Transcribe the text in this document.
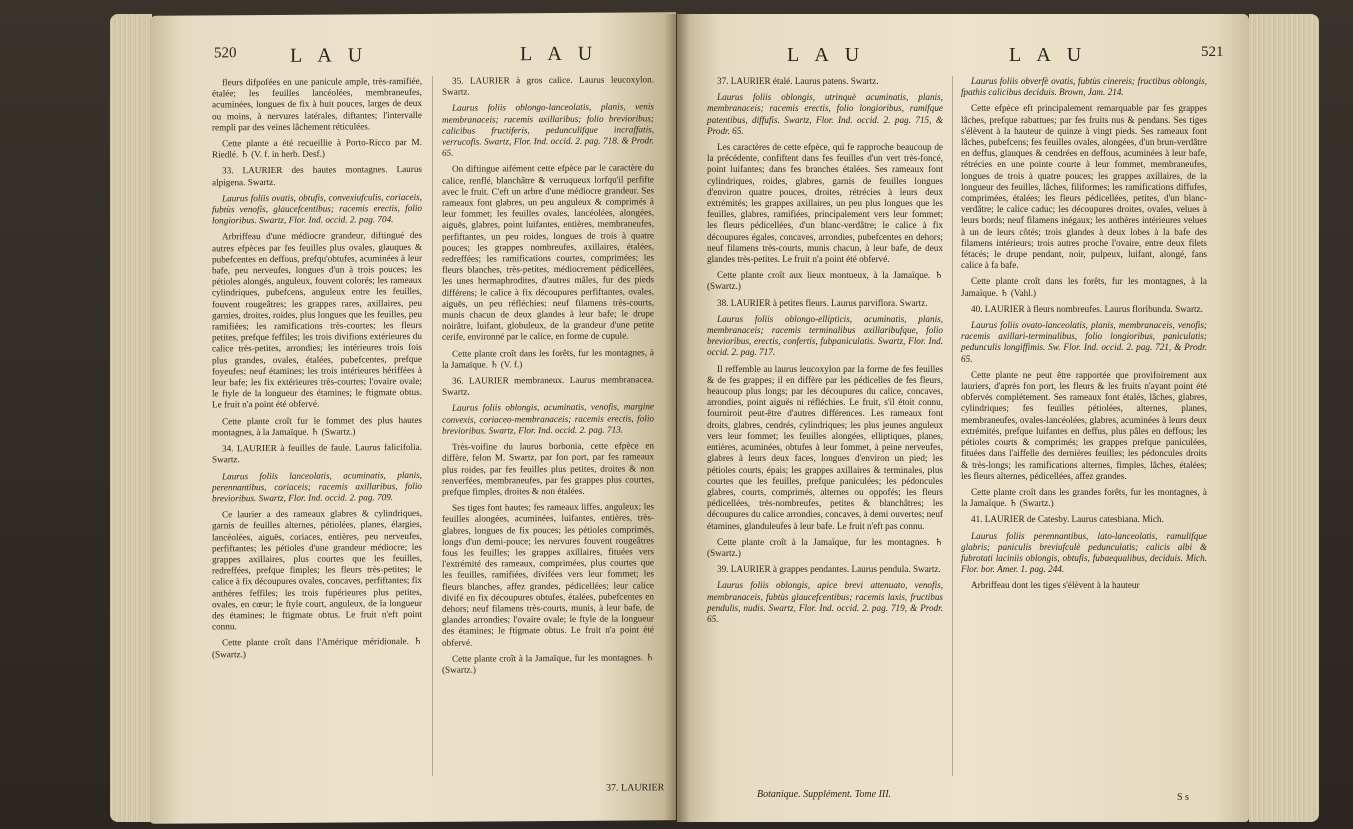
520	L A U	L A U

fleurs difpofées en une panicule ample, très-ramifiée, étalée; les feuilles lancéolées, membraneufes, acuminées, longues de fix à huit pouces, larges de deux ou moins, à nervures latérales, diftantes; l'intervalle rempli par des veines lâchement réticulées.

Cette plante a été recueillie à Porto-Ricco par M. Riedlé. ♄ (V. f. in herb. Desf.)

33. LAURIER des hautes montagnes. Laurus alpigena. Swartz.

Laurus foliis ovatis, obtufis, convexiufculis, coriaceis, fubtùs venofis, glaucefcentibus; racemis erectis, folio longioribus. Swartz, Flor. Ind. occid. 2. pag. 704.

Arbriffeau d'une médiocre grandeur, diftingué des autres efpèces par fes feuilles plus ovales, glauques & pubefcentes en deffous, prefqu'obtufes, acuminées à leur bafe, peu nerveufes, longues d'un à trois pouces; les pétioles alongés, anguleux, fouvent colorés; les rameaux cylindriques, pubefcens, anguleux entre les feuilles, fouvent rougeâtres; les grappes rares, axillaires, peu garnies, droites, roides, plus longues que les feuilles, peu ramifiées; les ramifications très-courtes; les fleurs petites, prefque feffiles; les trois divifions extérieures du calice très-petites, arrondies; les intérieures trois fois plus grandes, ovales, étalées, pubefcentes, prefque foyeufes; neuf étamines; les trois intérieures hériffées à leur bafe; les fix extérieures très-courtes; l'ovaire ovale; le ftyle de la longueur des étamines; le ftigmate obtus. Le fruit n'a point été obfervé.

Cette plante croît fur le fommet des plus hautes montagnes, à la Jamaïque. ♄ (Swartz.)

34. LAURIER à feuilles de faule. Laurus falicifolia. Swartz.

Laurus foliis lanceolatis, acuminatis, planis, perennantibus, coriaceis; racemis axillaribus, folio brevioribus. Swartz, Flor. Ind. occid. 2. pag. 709.

Ce laurier a des rameaux glabres & cylindriques, garnis de feuilles alternes, pétiolées, planes, élargies, lancéolées, aiguës, coriaces, entières, peu nerveufes, perfiftantes; les pétioles d'une grandeur médiocre; les grappes axillaires, plus courtes que les feuilles, redreffées, prefque fimples; les fleurs très-petites; le calice à fix découpures ovales, concaves, perfiftantes; fix anthères feffiles; les trois fupérieures plus petites, ovales, en cœur; le ftyle court, anguleux, de la longueur des étamines; le ftigmate obtus. Le fruit n'eft point connu.

Cette plante croît dans l'Amérique méridionale. ♄ (Swartz.)

35. LAURIER à gros calice. Laurus leucoxylon. Swartz.

Laurus foliis oblongo-lanceolatis, planis, venis membranaceis; racemis axillaribus; folio brevioribus; calicibus fructiferis, pedunculifque incraffatis, verrucofis. Swartz, Flor. Ind. occid. 2. pag. 718. & Prodr. 65.

On diftingue aifément cette efpèce par le caractère du calice, renflé, blanchâtre & verruqueux lorfqu'il perfifte avec le fruit. C'eft un arbre d'une médiocre grandeur. Ses rameaux font glabres, un peu anguleux & comprimés à leur fommet; les feuilles ovales, lancéolées, alongées, aiguës, glabres, point luifantes, entières, membraneufes, perfiftantes, un peu roides, longues de trois à quatre pouces; les grappes nombreufes, axillaires, étalées, redreffées; les ramifications courtes, comprimées; les fleurs blanches, très-petites, médiocrement pédicellées, les unes hermaphrodites, d'autres mâles, fur des pieds différens; le calice à fix découpures perfiftantes, ovales, aiguës, un peu réfléchies; neuf filamens très-courts, munis chacun de deux glandes à leur bafe; le drupe noirâtre, luifant, globuleux, de la grandeur d'une petite cerife, environné par le calice, en forme de cupule.

Cette plante croît dans les forêts, fur les montagnes, à la Jamaïque. ♄ (V. f.)

36. LAURIER membraneux. Laurus membranacea. Swartz.

Laurus foliis oblongis, acuminatis, venofis, margine convexis, coriaceo-membranaceis; racemis erectis, folio brevioribus. Swartz, Flor. Ind. occid. 2. pag. 713.

Très-voifine du laurus borbonia, cette efpèce en diffère, felon M. Swartz, par fon port, par fes rameaux plus roides, par fes feuilles plus petites, droites & non renverfées, membraneufes, par fes grappes plus courtes, prefque fimples, droites & non étalées.

Ses tiges font hautes; fes rameaux liffes, anguleux; les feuilles alongées, acuminées, luifantes, entières, très-glabres, longues de fix pouces; les pétioles comprimés, longs d'un demi-pouce; les nervures fouvent rougeâtres fous les feuilles; les grappes axillaires, fituées vers l'extrémité des rameaux, comprimées, plus courtes que les feuilles, ramifiées, divifées vers leur fommet; les fleurs blanches, affez grandes, pédicellées; leur calice divifé en fix découpures obtufes, étalées, pubefcentes en dehors; neuf filamens très-courts, munis, à leur bafe, de glandes arrondies; l'ovaire ovale; le ftyle de la longueur des étamines; le ftigmate obtus. Le fruit n'a point été obfervé.

Cette plante croît à la Jamaïque, fur les montagnes. ♄ (Swartz.)

37. LAURIER
L A U	L A U	521

37. LAURIER étalé. Laurus patens. Swartz.

Laurus foliis oblongis, utrinquè acuminatis, planis, membranaceis; racemis erectis, folio longioribus, ramifque patentibus, diffufis. Swartz, Flor. Ind. occid. 2. pag. 715, & Prodr. 65.

Les caractères de cette efpèce, qui fe rapproche beaucoup de la précédente, confiftent dans fes feuilles d'un vert très-foncé, point luifantes; dans fes branches étalées. Ses rameaux font cylindriques, roides, glabres, garnis de feuilles longues d'environ quatre pouces, droites, rétrécies à leurs deux extrémités; les grappes axillaires, un peu plus longues que les feuilles, glabres, ramifiées, principalement vers leur fommet; les fleurs pédicellées, d'un blanc-verdâtre; le calice à fix découpures égales, concaves, arrondies, pubefcentes en dehors; neuf filamens très-courts, munis chacun, à leur bafe, de deux glandes très-petites. Le fruit n'a point été obfervé.

Cette plante croît aux lieux montueux, à la Jamaïque. ♄ (Swartz.)

38. LAURIER à petites fleurs. Laurus parviflora. Swartz.

Laurus foliis oblongo-ellipticis, acuminatis, planis, membranaceis; racemis terminalibus axillaribufque, folio brevioribus, erectis, confertis, fubpaniculatis. Swartz, Flor. Ind. occid. 2. pag. 717.

Il reffemble au laurus leucoxylon par la forme de fes feuilles & de fes grappes; il en diffère par les pédicelles de fes fleurs, beaucoup plus longs; par les découpures du calice, concaves, arrondies, point aiguës ni réfléchies. Le fruit, s'il étoit connu, fourniroit peut-être d'autres différences. Les rameaux font droits, glabres, cendrés, cylindriques; les plus jeunes anguleux vers leur fommet; les feuilles alongées, elliptiques, planes, entières, acuminées, obtufes à leur fommet, à peine nerveufes, glabres à leurs deux faces, longues d'environ un pied; les pétioles courts, épais; les grappes axillaires & terminales, plus courtes que les feuilles, prefque paniculées; les pédoncules glabres, courts, comprimés, alternes ou oppofés; les fleurs pédicellées, très-nombreufes, petites & blanchâtres; les découpures du calice arrondies, concaves, à demi ouvertes; neuf étamines, glanduleufes à leur bafe. Le fruit n'eft pas connu.

Cette plante croît à la Jamaïque, fur les montagnes. ♄ (Swartz.)

39. LAURIER à grappes pendantes. Laurus pendula. Swartz.

Laurus foliis oblongis, apice brevi attenuato, venofis, membranaceis, fubtùs glaucefcentibus; racemis laxis, fructibus pendulis, nudis. Swartz, Flor. Ind. occid. 2. pag. 719, & Prodr. 65.

Laurus foliis obverfè ovatis, fubtùs cinereis; fructibus oblongis, fpathis calicibus deciduis. Brown, Jam. 214.

Cette efpèce eft principalement remarquable par fes grappes lâches, prefque rabattues; par fes fruits nus & pendans. Ses tiges s'élèvent à la hauteur de quinze à vingt pieds. Ses rameaux font lâches, pubefcens; fes feuilles ovales, alongées, d'un brun-verdâtre en deffus, glauques & cendrées en deffous, acuminées à leur bafe, rétrécies en une pointe courte à leur fommet, membraneufes, longues de trois à quatre pouces; les grappes axillaires, de la longueur des feuilles, lâches, filiformes; les ramifications diffufes, comprimées, étalées; les fleurs pédicellées, petites, d'un blanc-verdâtre; le calice caduc; les découpures droites, ovales, velues à leurs bords; neuf filamens inégaux; les anthères intérieures velues à un de leurs côtés; trois glandes à deux lobes à la bafe des filamens intérieurs; trois autres proche l'ovaire, entre deux filets fétacés; le drupe pendant, noir, pulpeux, luifant, alongé, fans calice à fa bafe.

Cette plante croît dans les forêts, fur les montagnes, à la Jamaïque. ♄ (Vahl.)

40. LAURIER à fleurs nombreufes. Laurus floribunda. Swartz.

Laurus foliis ovato-lanceolatis, planis, membranaceis, venofis; racemis axillari-terminalibus, folio longioribus, paniculatis; pedunculis longiffimis. Sw. Flor. Ind. occid. 2. pag. 721, & Prodr. 65.

Cette plante ne peut être rapportée que provifoirement aux lauriers, d'après fon port, les fleurs & les fruits n'ayant point été obfervés complétement. Ses rameaux font étalés, lâches, glabres, cylindriques; fes feuilles pétiolées, alternes, planes, membraneufes, ovales-lancéolées, glabres, acuminées à leurs deux extrémités, prefque luifantes en deffus, plus pâles en deffous; les pétioles courts & comprimés; les grappes prefque paniculées, fituées dans l'aiffelle des dernières feuilles; les pédoncules droits & très-longs; les ramifications alternes, fimples, lâches, étalées; les fleurs alternes, pédicellées, affez grandes.

Cette plante croît dans les grandes forêts, fur les montagnes, à la Jamaïque. ♄ (Swartz.)

41. LAURIER de Catesby. Laurus catesbiana. Mich.

Laurus foliis perennantibus, lato-lanceolatis, ramulifque glabris; paniculis breviufculè pedunculatis; calicis albi & fubrotati laciniis oblongis, obtufis, fubaequalibus, deciduis. Mich. Flor. bor. Amer. 1. pag. 244.

Arbriffeau dont les tiges s'élèvent à la hauteur

Botanique. Supplément. Tome III.	S s
